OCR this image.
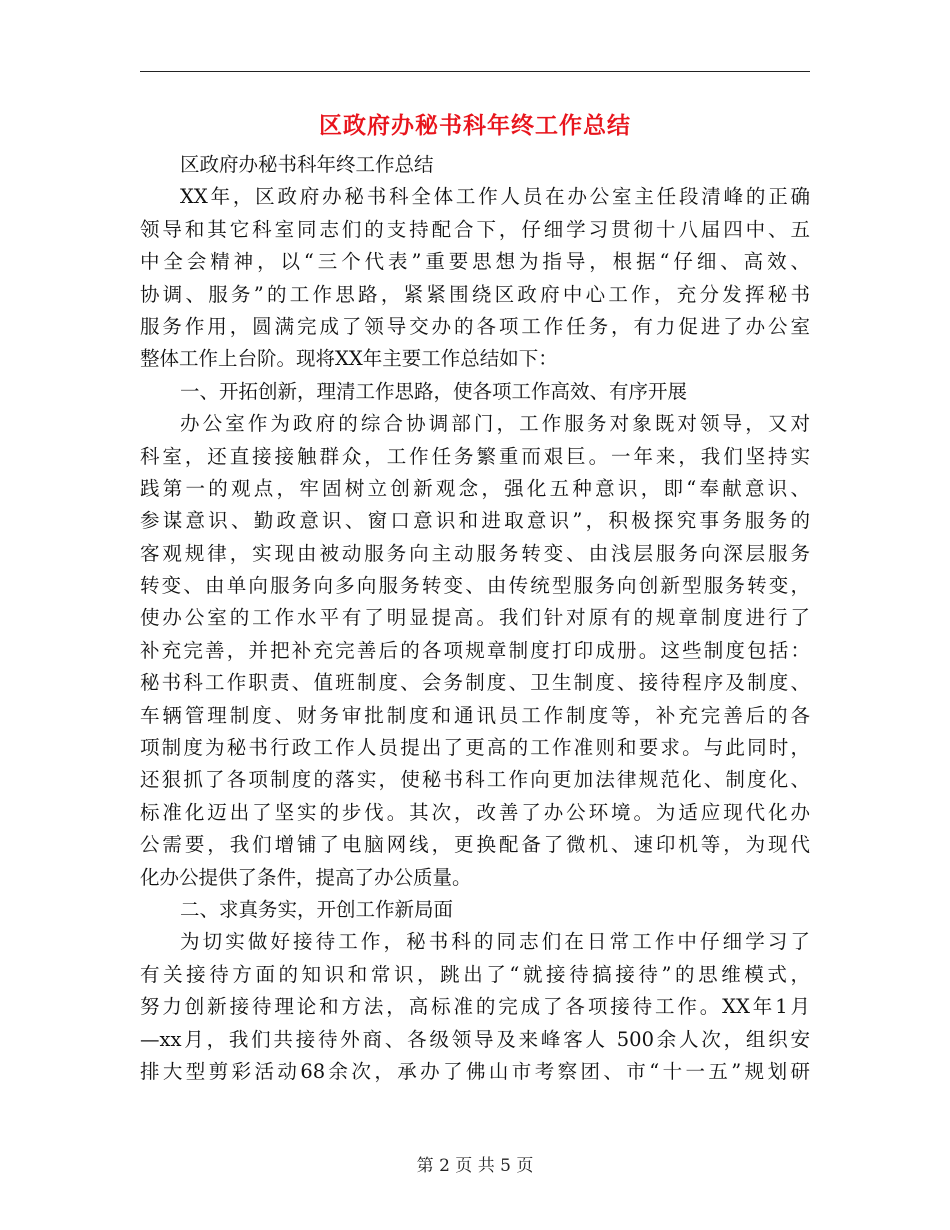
区政府办秘书科年终工作总结
区政府办秘书科年终工作总结
XX年，区政府办秘书科全体工作人员在办公室主任段清峰的正确
领导和其它科室同志们的支持配合下，仔细学习贯彻十八届四中、五
中全会精神，以“三个代表”重要思想为指导，根据“仔细、高效、
协调、服务”的工作思路，紧紧围绕区政府中心工作，充分发挥秘书
服务作用，圆满完成了领导交办的各项工作任务，有力促进了办公室
整体工作上台阶。现将XX年主要工作总结如下：
一、开拓创新，理清工作思路，使各项工作高效、有序开展
办公室作为政府的综合协调部门，工作服务对象既对领导，又对
科室，还直接接触群众，工作任务繁重而艰巨。一年来，我们坚持实
践第一的观点，牢固树立创新观念，强化五种意识，即“奉献意识、
参谋意识、勤政意识、窗口意识和进取意识”，积极探究事务服务的
客观规律，实现由被动服务向主动服务转变、由浅层服务向深层服务
转变、由单向服务向多向服务转变、由传统型服务向创新型服务转变，
使办公室的工作水平有了明显提高。我们针对原有的规章制度进行了
补充完善，并把补充完善后的各项规章制度打印成册。这些制度包括：
秘书科工作职责、值班制度、会务制度、卫生制度、接待程序及制度、
车辆管理制度、财务审批制度和通讯员工作制度等，补充完善后的各
项制度为秘书行政工作人员提出了更高的工作准则和要求。与此同时，
还狠抓了各项制度的落实，使秘书科工作向更加法律规范化、制度化、
标准化迈出了坚实的步伐。其次，改善了办公环境。为适应现代化办
公需要，我们增铺了电脑网线，更换配备了微机、速印机等，为现代
化办公提供了条件，提高了办公质量。
二、求真务实，开创工作新局面
为切实做好接待工作，秘书科的同志们在日常工作中仔细学习了
有关接待方面的知识和常识，跳出了“就接待搞接待”的思维模式，
努力创新接待理论和方法，高标准的完成了各项接待工作。XX年1月
—xx月，我们共接待外商、各级领导及来峰客人 500余人次，组织安
排大型剪彩活动68余次，承办了佛山市考察团、市“十一五”规划研
第 2 页 共 5 页
